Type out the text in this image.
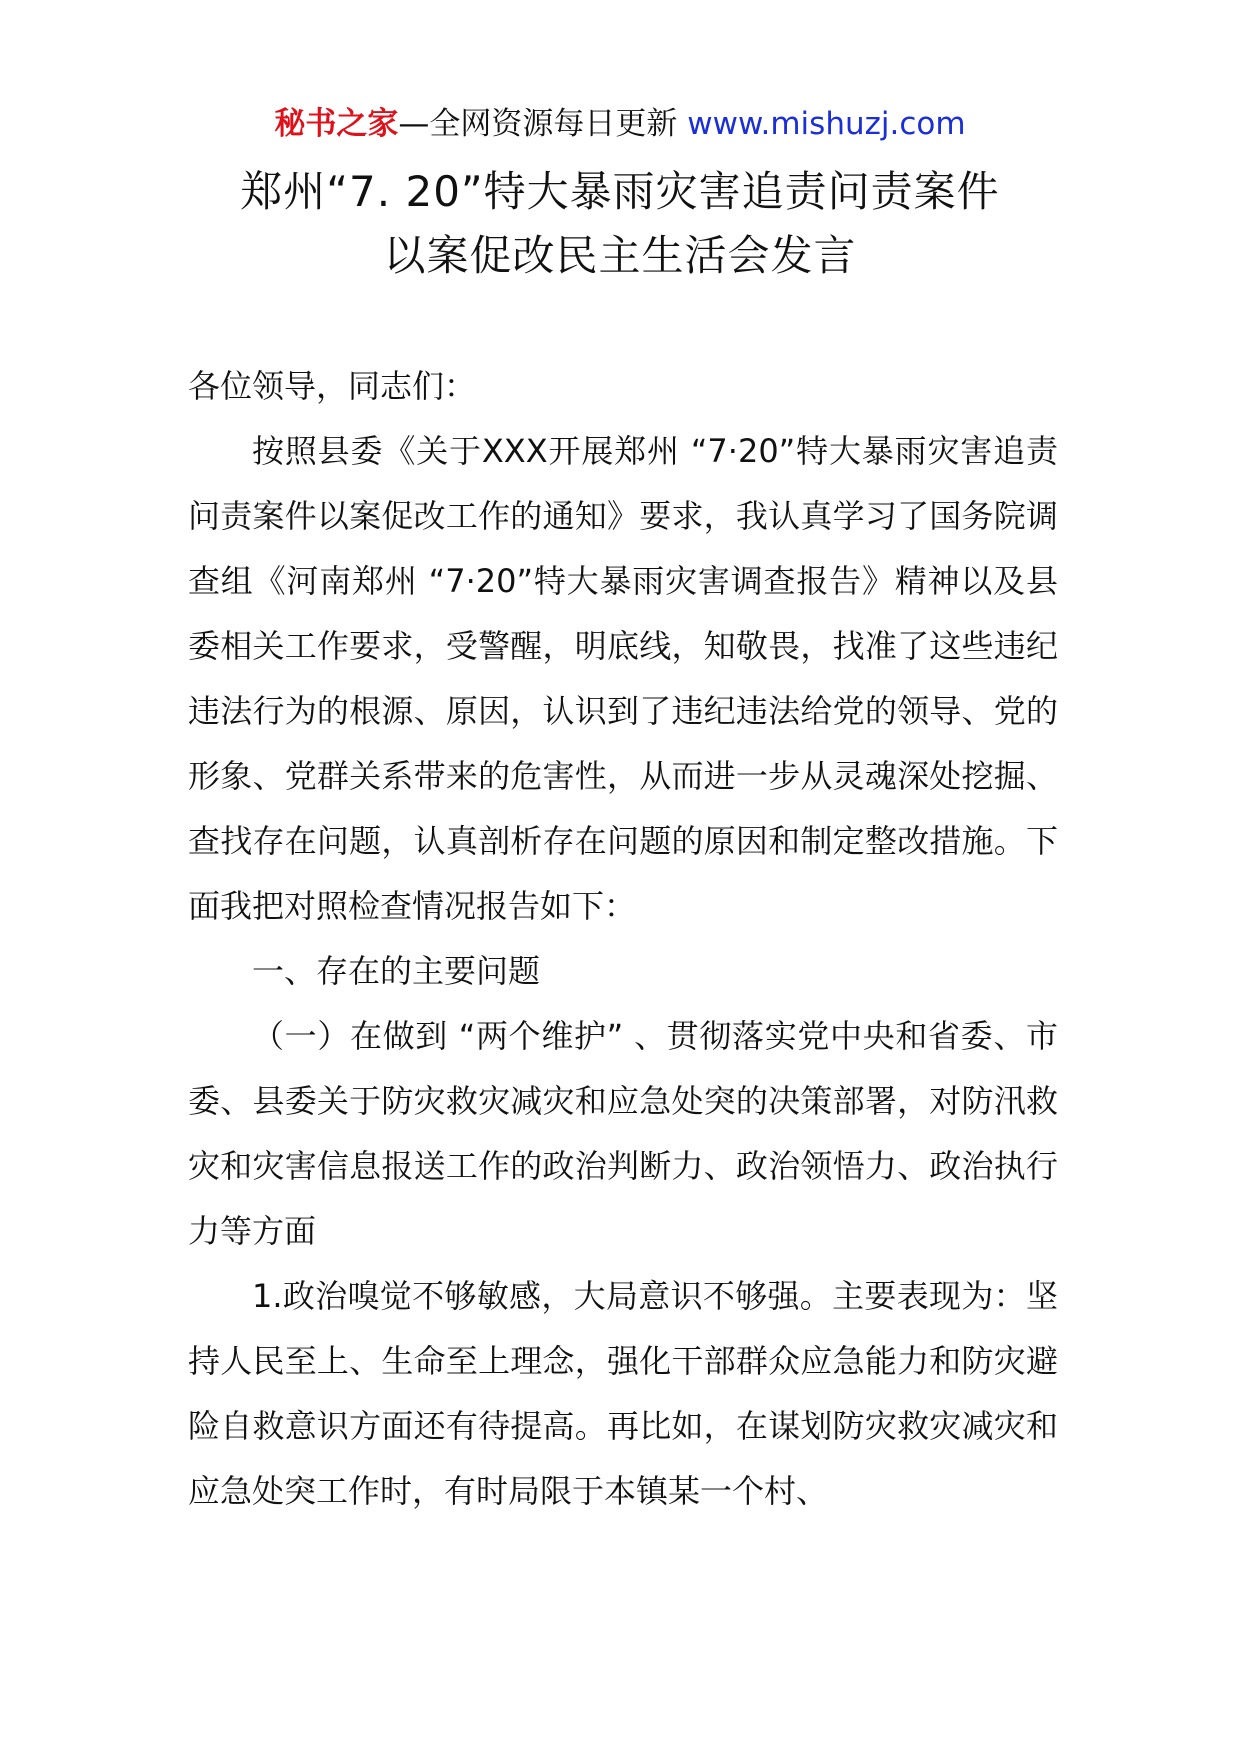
秘书之家—全网资源每日更新 www.mishuzj.com
郑州“7. 20”特大暴雨灾害追责问责案件
以案促改民主生活会发言

各位领导，同志们：

按照县委《关于XXX开展郑州 “7·20”特大暴雨灾害追责问责案件以案促改工作的通知》要求，我认真学习了国务院调查组《河南郑州 “7·20”特大暴雨灾害调查报告》精神以及县委相关工作要求，受警醒，明底线，知敬畏，找准了这些违纪违法行为的根源、原因，认识到了违纪违法给党的领导、党的形象、党群关系带来的危害性，从而进一步从灵魂深处挖掘、查找存在问题，认真剖析存在问题的原因和制定整改措施。下面我把对照检查情况报告如下：

一、存在的主要问题

（一）在做到 “两个维护” 、贯彻落实党中央和省委、市委、县委关于防灾救灾减灾和应急处突的决策部署，对防汛救灾和灾害信息报送工作的政治判断力、政治领悟力、政治执行力等方面

1.政治嗅觉不够敏感，大局意识不够强。主要表现为：坚持人民至上、生命至上理念，强化干部群众应急能力和防灾避险自救意识方面还有待提高。再比如，在谋划防灾救灾减灾和应急处突工作时，有时局限于本镇某一个村、
